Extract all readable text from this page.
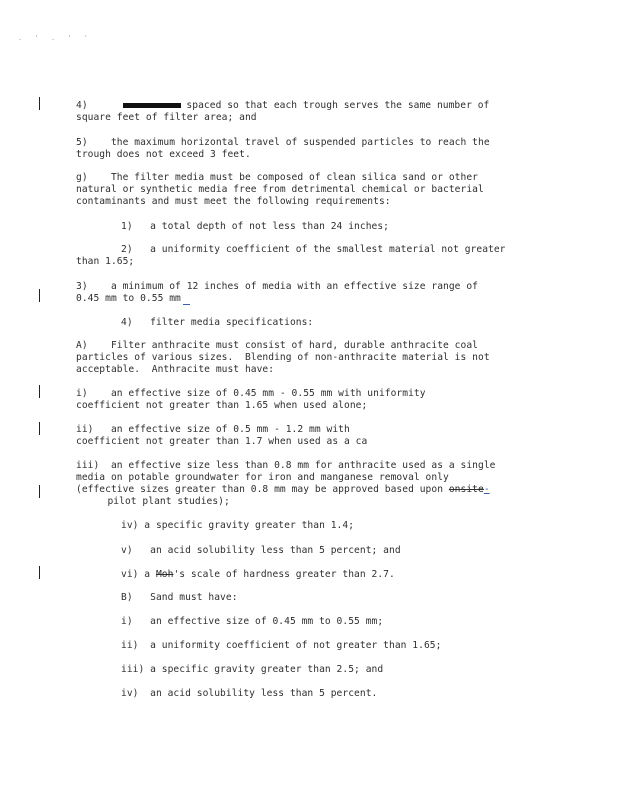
. ' . ' '
4)	spaced so that each trough serves the same number of
square feet of filter area; and
5)    the maximum horizontal travel of suspended particles to reach the
trough does not exceed 3 feet.
g)    The filter media must be composed of clean silica sand or other
natural or synthetic media free from detrimental chemical or bacterial
contaminants and must meet the following requirements:
1)   a total depth of not less than 24 inches;
2)   a uniformity coefficient of the smallest material not greater
than 1.65;
3)    a minimum of 12 inches of media with an effective size range of
0.45 mm to 0.55 mm
4)   filter media specifications:
A)    Filter anthracite must consist of hard, durable anthracite coal
particles of various sizes.  Blending of non-anthracite material is not
acceptable.  Anthracite must have:
i)    an effective size of 0.45 mm - 0.55 mm with uniformity
coefficient not greater than 1.65 when used alone;
ii)   an effective size of 0.5 mm - 1.2 mm with
coefficient not greater than 1.7 when used as a ca
iii)  an effective size less than 0.8 mm for anthracite used as a single
media on potable groundwater for iron and manganese removal only
(effective sizes greater than 0.8 mm may be approved based upon onsite-
pilot plant studies);
iv) a specific gravity greater than 1.4;
v)   an acid solubility less than 5 percent; and
vi) a Moh's scale of hardness greater than 2.7.
B)   Sand must have:
i)   an effective size of 0.45 mm to 0.55 mm;
ii)  a uniformity coefficient of not greater than 1.65;
iii) a specific gravity greater than 2.5; and
iv)  an acid solubility less than 5 percent.
